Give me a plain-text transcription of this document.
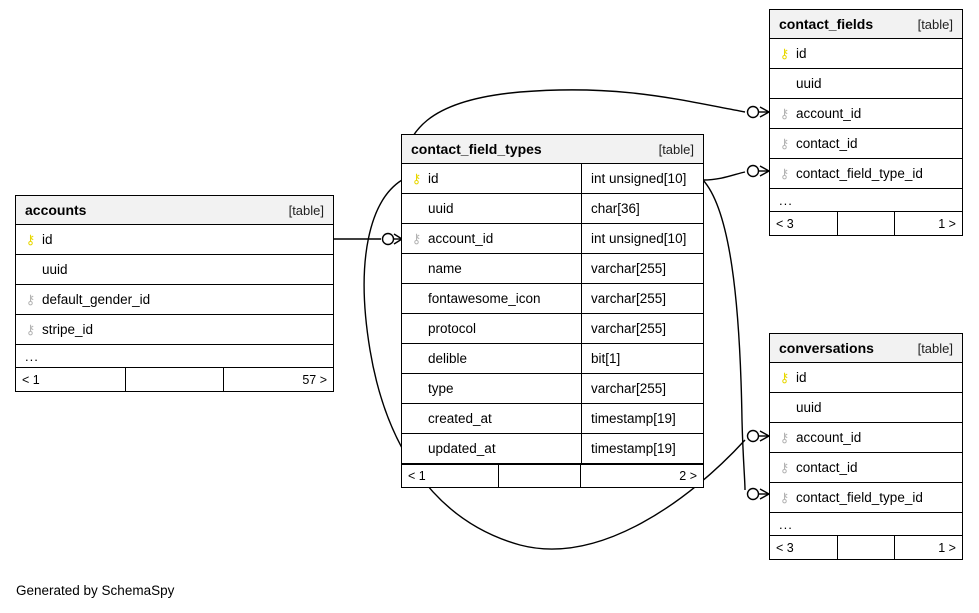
accounts	[table]
⚷ id
uuid
⚷ default_gender_id
⚷ stripe_id
...
< 1	57 >
contact_field_types	[table]
⚷ id	int unsigned[10]
uuid	char[36]
⚷ account_id	int unsigned[10]
name	varchar[255]
fontawesome_icon	varchar[255]
protocol	varchar[255]
delible	bit[1]
type	varchar[255]
created_at	timestamp[19]
updated_at	timestamp[19]
< 1	2 >
contact_fields	[table]
⚷ id
uuid
⚷ account_id
⚷ contact_id
⚷ contact_field_type_id
...
< 3	1 >
conversations	[table]
⚷ id
uuid
⚷ account_id
⚷ contact_id
⚷ contact_field_type_id
...
< 3	1 >
Generated by SchemaSpy
